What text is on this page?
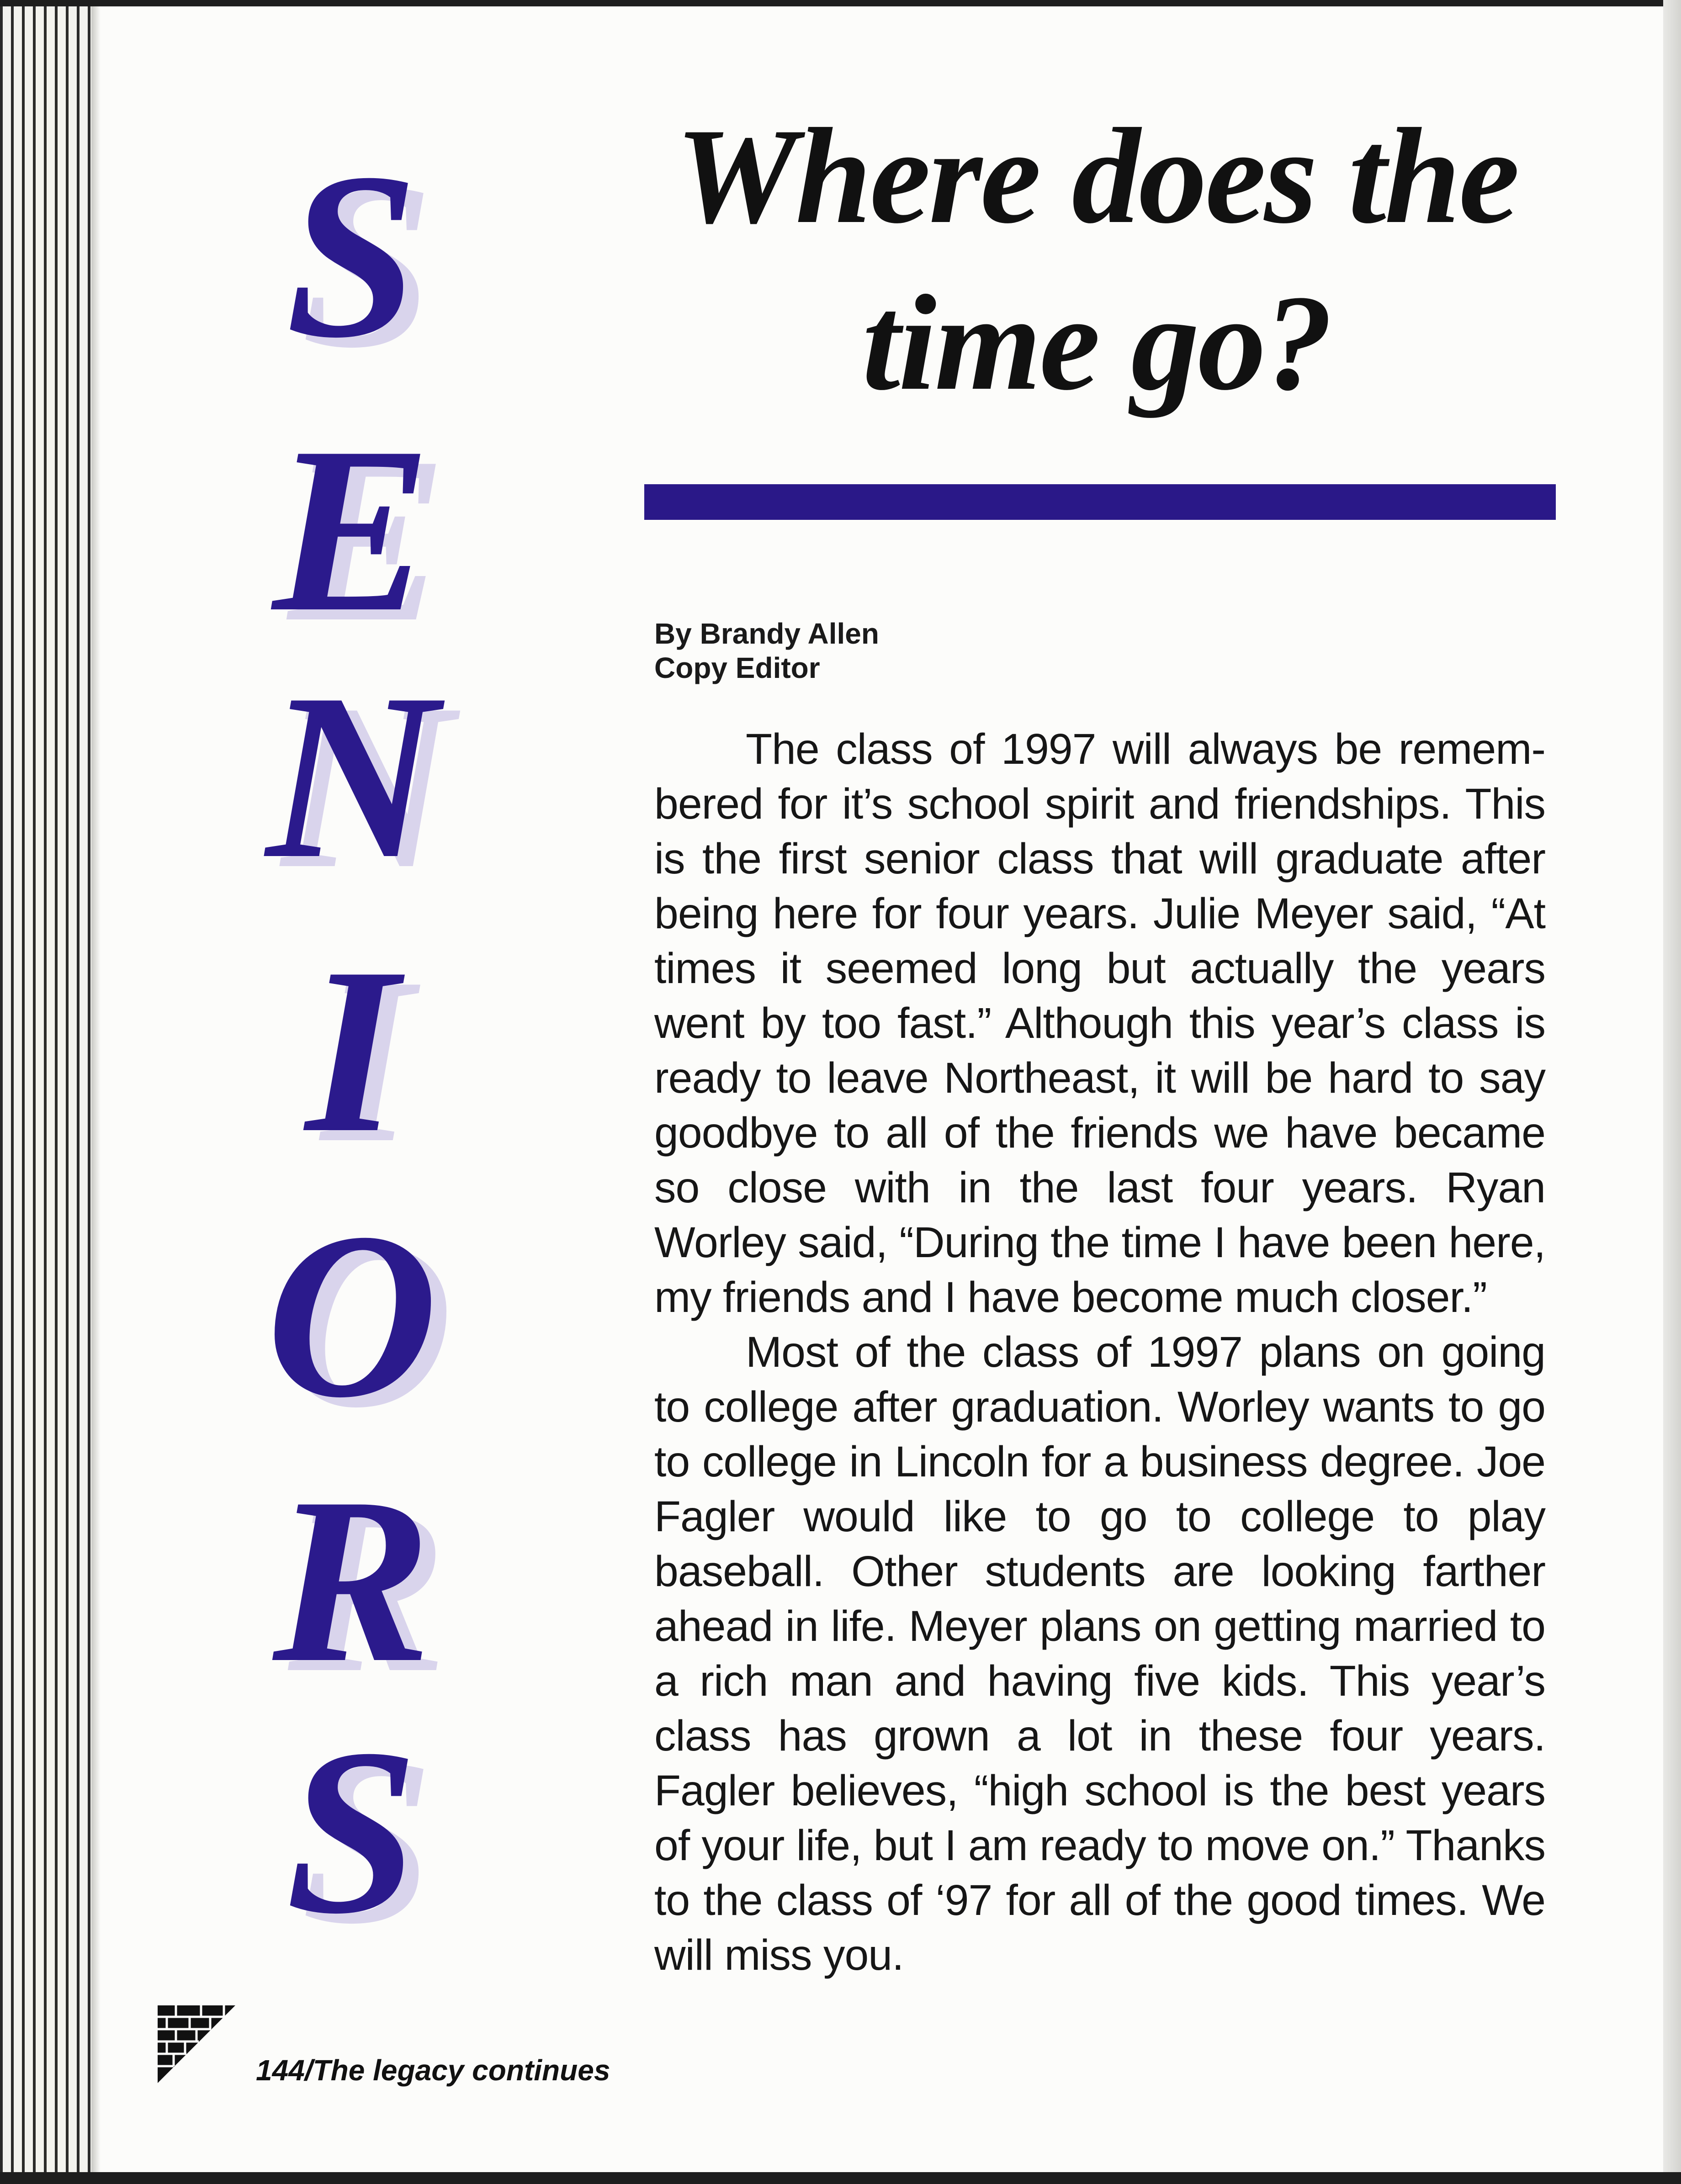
S
E
N
I
O
R
S
Where does the
time go?
By Brandy Allen
Copy Editor

The class of 1997 will always be remem-bered for it’s school spirit and friendships. This is the first senior class that will graduate after being here for four years. Julie Meyer said, “At times it seemed long but actually the years went by too fast.” Although this year’s class is ready to leave Northeast, it will be hard to say goodbye to all of the friends we have became so close with in the last four years. Ryan Worley said, “During the time I have been here, my friends and I have become much closer.”

Most of the class of 1997 plans on going to college after graduation. Worley wants to go to college in Lincoln for a business degree. Joe Fagler would like to go to college to play baseball. Other students are looking farther ahead in life. Meyer plans on getting married to a rich man and having five kids. This year’s class has grown a lot in these four years. Fagler believes, “high school is the best years of your life, but I am ready to move on.” Thanks to the class of ‘97 for all of the good times. We will miss you.

144/The legacy continues
